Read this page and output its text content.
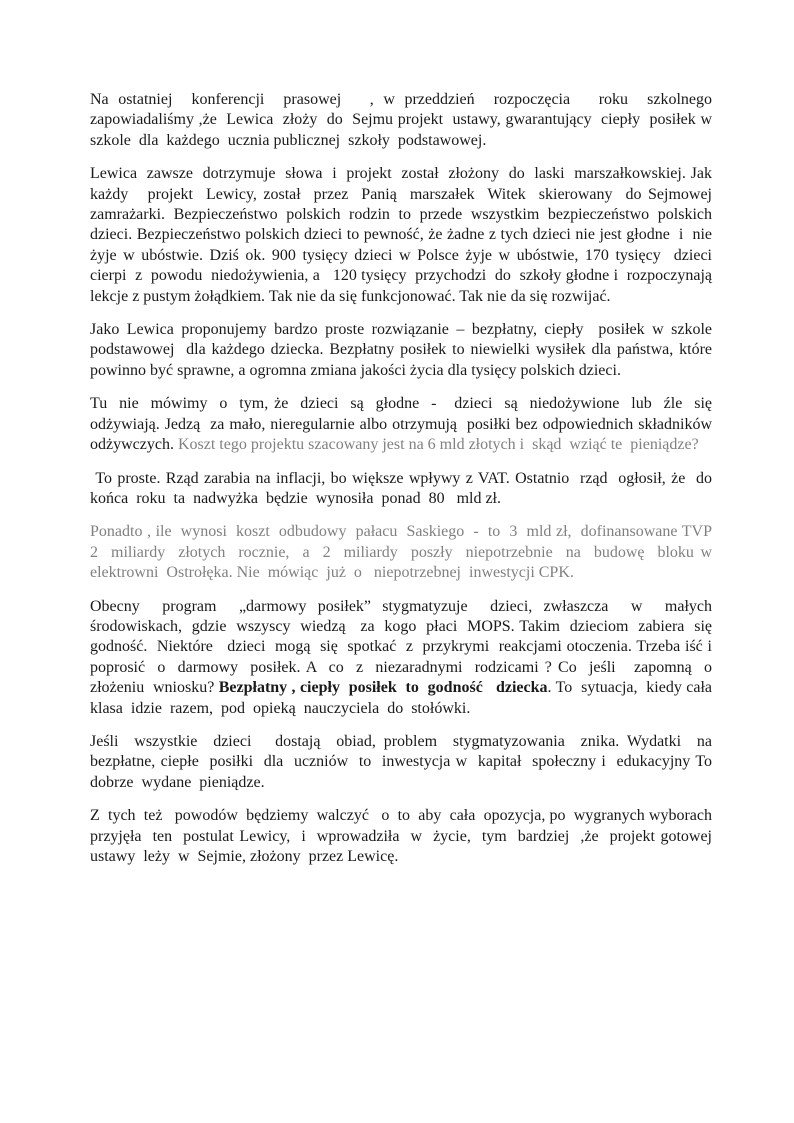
Na ostatniej  konferencji  prasowej   , w przeddzień  rozpoczęcia   roku  szkolnego zapowiadaliśmy ,że  Lewica  złoży  do  Sejmu projekt  ustawy, gwarantujący  ciepły  posiłek w  szkole  dla  każdego  ucznia publicznej  szkoły  podstawowej.

Lewica  zawsze  dotrzymuje  słowa  i  projekt  został  złożony  do  laski  marszałkowskiej. Jak  każdy   projekt  Lewicy, został  przez  Panią  marszałek  Witek  skierowany  do Sejmowej  zamrażarki. Bezpieczeństwo polskich rodzin to przede wszystkim bezpieczeństwo polskich dzieci. Bezpieczeństwo polskich dzieci to pewność, że żadne z tych dzieci nie jest głodne  i  nie żyje w ubóstwie. Dziś ok. 900 tysięcy dzieci w Polsce żyje w ubóstwie, 170 tysięcy  dzieci  cierpi  z  powodu  niedożywienia, a   120 tysięcy  przychodzi  do  szkoły głodne i  rozpoczynają lekcje z pustym żołądkiem. Tak nie da się funkcjonować. Tak nie da się rozwijać.

Jako Lewica proponujemy bardzo proste rozwiązanie – bezpłatny, ciepły  posiłek w szkole podstawowej  dla każdego dziecka. Bezpłatny posiłek to niewielki wysiłek dla państwa, które powinno być sprawne, a ogromna zmiana jakości życia dla tysięcy polskich dzieci.

Tu  nie  mówimy  o  tym, że  dzieci  są  głodne  -   dzieci  są  niedożywione  lub  źle  się odżywiają. Jedzą  za mało, nieregularnie albo otrzymują  posiłki bez odpowiednich składników odżywczych. Koszt tego projektu szacowany jest na 6 mld złotych i  skąd  wziąć te  pieniądze?

To proste. Rząd zarabia na inflacji, bo większe wpływy z VAT. Ostatnio  rząd  ogłosił, że  do końca  roku  ta  nadwyżka  będzie  wynosiła  ponad  80   mld zł.

Ponadto , ile  wynosi  koszt  odbudowy  pałacu  Saskiego  -  to  3  mld zł,  dofinansowane TVP  2  miliardy  złotych  rocznie,  a  2  miliardy  poszły  niepotrzebnie  na  budowę  bloku w  elektrowni  Ostrołęka. Nie  mówiąc  już  o   niepotrzebnej  inwestycji CPK.

Obecny  program  „darmowy posiłek” stygmatyzuje  dzieci, zwłaszcza  w  małych środowiskach,  gdzie  wszyscy  wiedzą   za  kogo  płaci  MOPS. Takim  dzieciom  zabiera  się godność.  Niektóre   dzieci  mogą  się  spotkać  z  przykrymi  reakcjami otoczenia. Trzeba iść i  poprosić  o  darmowy  posiłek. A  co  z  niezaradnymi  rodzicami ? Co  jeśli   zapomną  o złożeniu  wniosku? Bezpłatny , ciepły  posiłek  to  godność   dziecka. To  sytuacja,  kiedy cała  klasa  idzie  razem,  pod  opieką  nauczyciela  do  stołówki.

Jeśli  wszystkie  dzieci   dostają  obiad, problem  stygmatyzowania  znika. Wydatki  na bezpłatne, ciepłe  posiłki  dla  uczniów  to  inwestycja w  kapitał  społeczny i  edukacyjny To dobrze  wydane  pieniądze.

Z  tych  też   powodów  będziemy  walczyć   o  to  aby  cała  opozycja, po  wygranych wyborach przyjęła  ten  postulat Lewicy,  i  wprowadziła  w  życie,  tym  bardziej  ,że  projekt gotowej  ustawy  leży  w  Sejmie, złożony  przez Lewicę.
